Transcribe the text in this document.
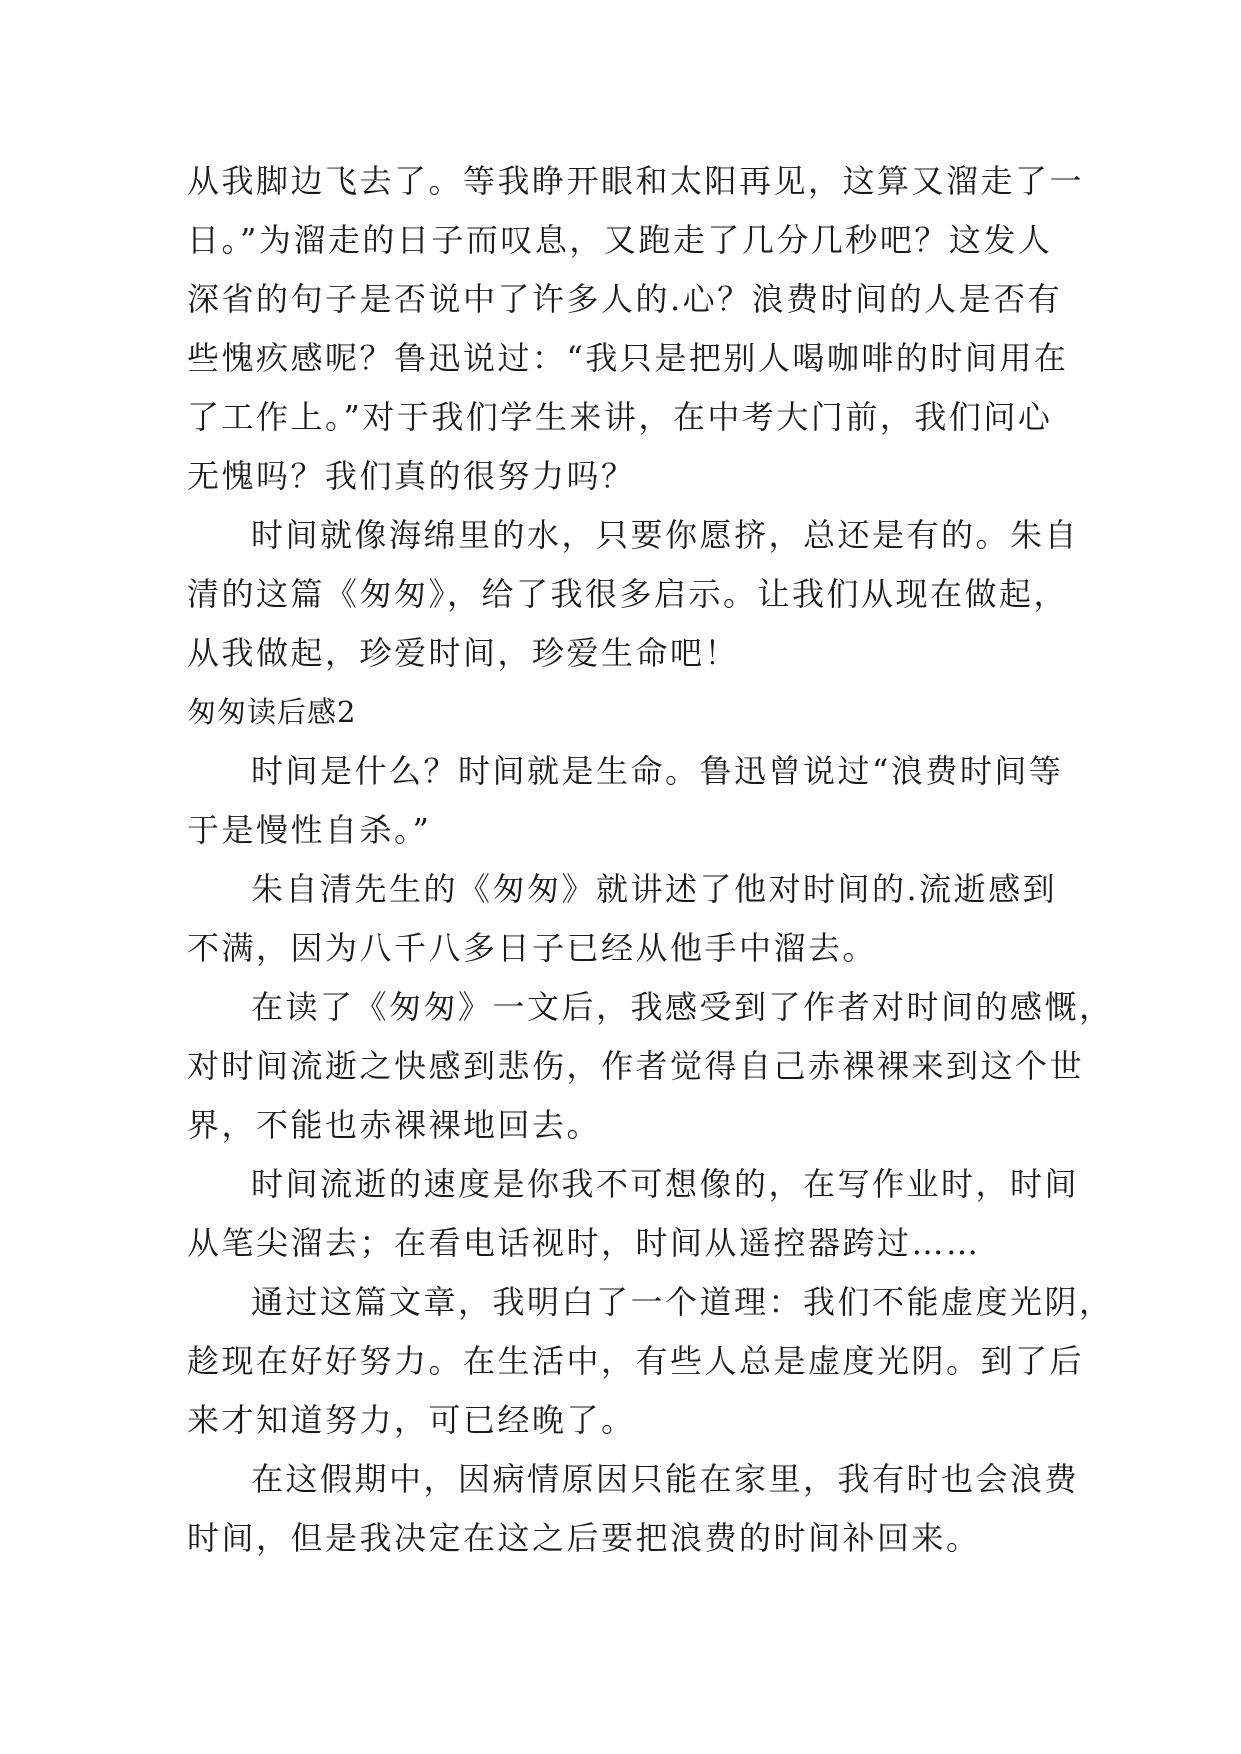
从我脚边飞去了。等我睁开眼和太阳再见，这算又溜走了一
日。”为溜走的日子而叹息，又跑走了几分几秒吧？这发人
深省的句子是否说中了许多人的.心？浪费时间的人是否有
些愧疚感呢？鲁迅说过：“我只是把别人喝咖啡的时间用在
了工作上。”对于我们学生来讲，在中考大门前，我们问心
无愧吗？我们真的很努力吗？
时间就像海绵里的水，只要你愿挤，总还是有的。朱自
清的这篇《匆匆》，给了我很多启示。让我们从现在做起，
从我做起，珍爱时间，珍爱生命吧！
匆匆读后感2
时间是什么？时间就是生命。鲁迅曾说过“浪费时间等
于是慢性自杀。”
朱自清先生的《匆匆》就讲述了他对时间的.流逝感到
不满，因为八千八多日子已经从他手中溜去。
在读了《匆匆》一文后，我感受到了作者对时间的感慨，
对时间流逝之快感到悲伤，作者觉得自己赤裸裸来到这个世
界，不能也赤裸裸地回去。
时间流逝的速度是你我不可想像的，在写作业时，时间
从笔尖溜去；在看电话视时，时间从遥控器跨过……
通过这篇文章，我明白了一个道理：我们不能虚度光阴，
趁现在好好努力。在生活中，有些人总是虚度光阴。到了后
来才知道努力，可已经晚了。
在这假期中，因病情原因只能在家里，我有时也会浪费
时间，但是我决定在这之后要把浪费的时间补回来。
